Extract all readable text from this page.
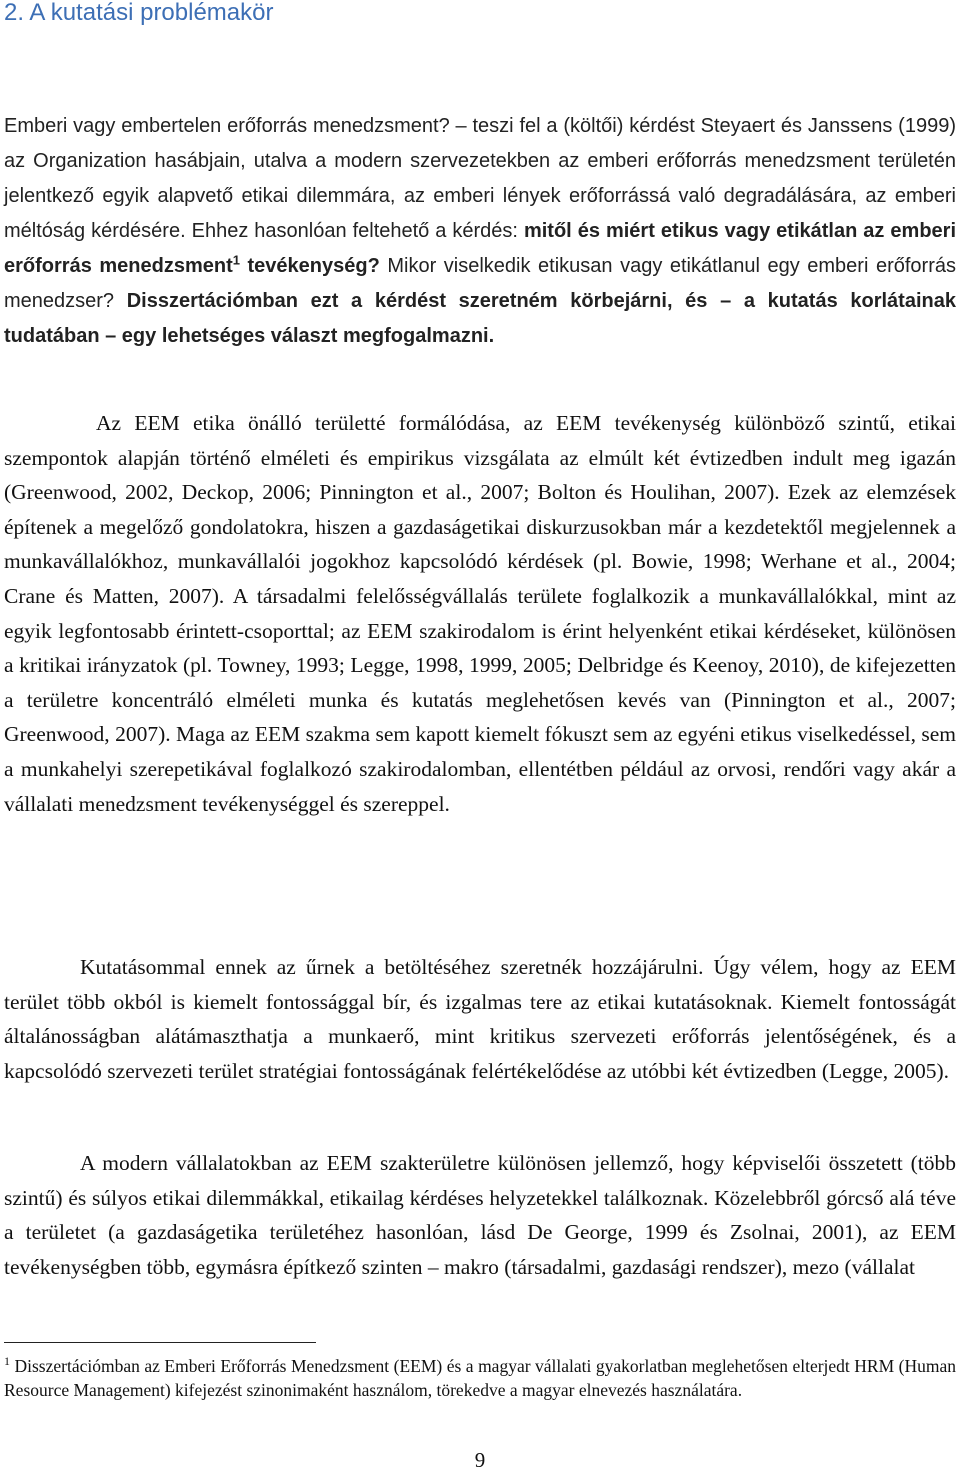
2. A kutatási problémakör

Emberi vagy embertelen erőforrás menedzsment? – teszi fel a (költői) kérdést Steyaert és Janssens (1999) az Organization hasábjain, utalva a modern szervezetekben az emberi erőforrás menedzsment területén jelentkező egyik alapvető etikai dilemmára, az emberi lények erőforrássá való degradálására, az emberi méltóság kérdésére. Ehhez hasonlóan feltehető a kérdés: mitől és miért etikus vagy etikátlan az emberi erőforrás menedzsment$^1$ tevékenység? Mikor viselkedik etikusan vagy etikátlanul egy emberi erőforrás menedzser? Disszertációmban ezt a kérdést szeretném körbejárni, és – a kutatás korlátainak tudatában – egy lehetséges választ megfogalmazni.

Az EEM etika önálló területté formálódása, az EEM tevékenység különböző szintű, etikai szempontok alapján történő elméleti és empirikus vizsgálata az elmúlt két évtizedben indult meg igazán (Greenwood, 2002, Deckop, 2006; Pinnington et al., 2007; Bolton és Houlihan, 2007). Ezek az elemzések építenek a megelőző gondolatokra, hiszen a gazdaságetikai diskurzusokban már a kezdetektől megjelennek a munkavállalókhoz, munkavállalói jogokhoz kapcsolódó kérdések (pl. Bowie, 1998; Werhane et al., 2004; Crane és Matten, 2007). A társadalmi felelősségvállalás területe foglalkozik a munkavállalókkal, mint az egyik legfontosabb érintett-csoporttal; az EEM szakirodalom is érint helyenként etikai kérdéseket, különösen a kritikai irányzatok (pl. Towney, 1993; Legge, 1998, 1999, 2005; Delbridge és Keenoy, 2010), de kifejezetten a területre koncentráló elméleti munka és kutatás meglehetősen kevés van (Pinnington et al., 2007; Greenwood, 2007). Maga az EEM szakma sem kapott kiemelt fókuszt sem az egyéni etikus viselkedéssel, sem a munkahelyi szerepetikával foglalkozó szakirodalomban, ellentétben például az orvosi, rendőri vagy akár a vállalati menedzsment tevékenységgel és szereppel.

Kutatásommal ennek az űrnek a betöltéséhez szeretnék hozzájárulni. Úgy vélem, hogy az EEM terület több okból is kiemelt fontossággal bír, és izgalmas tere az etikai kutatásoknak. Kiemelt fontosságát általánosságban alátámaszthatja a munkaerő, mint kritikus szervezeti erőforrás jelentőségének, és a kapcsolódó szervezeti terület stratégiai fontosságának felértékelődése az utóbbi két évtizedben (Legge, 2005).

A modern vállalatokban az EEM szakterületre különösen jellemző, hogy képviselői összetett (több szintű) és súlyos etikai dilemmákkal, etikailag kérdéses helyzetekkel találkoznak. Közelebbről górcső alá téve a területet (a gazdaságetika területéhez hasonlóan, lásd De George, 1999 és Zsolnai, 2001), az EEM tevékenységben több, egymásra építkező szinten – makro (társadalmi, gazdasági rendszer), mezo (vállalat

$^1$ Disszertációmban az Emberi Erőforrás Menedzsment (EEM) és a magyar vállalati gyakorlatban meglehetősen elterjedt HRM (Human Resource Management) kifejezést szinonimaként használom, törekedve a magyar elnevezés használatára.

9
